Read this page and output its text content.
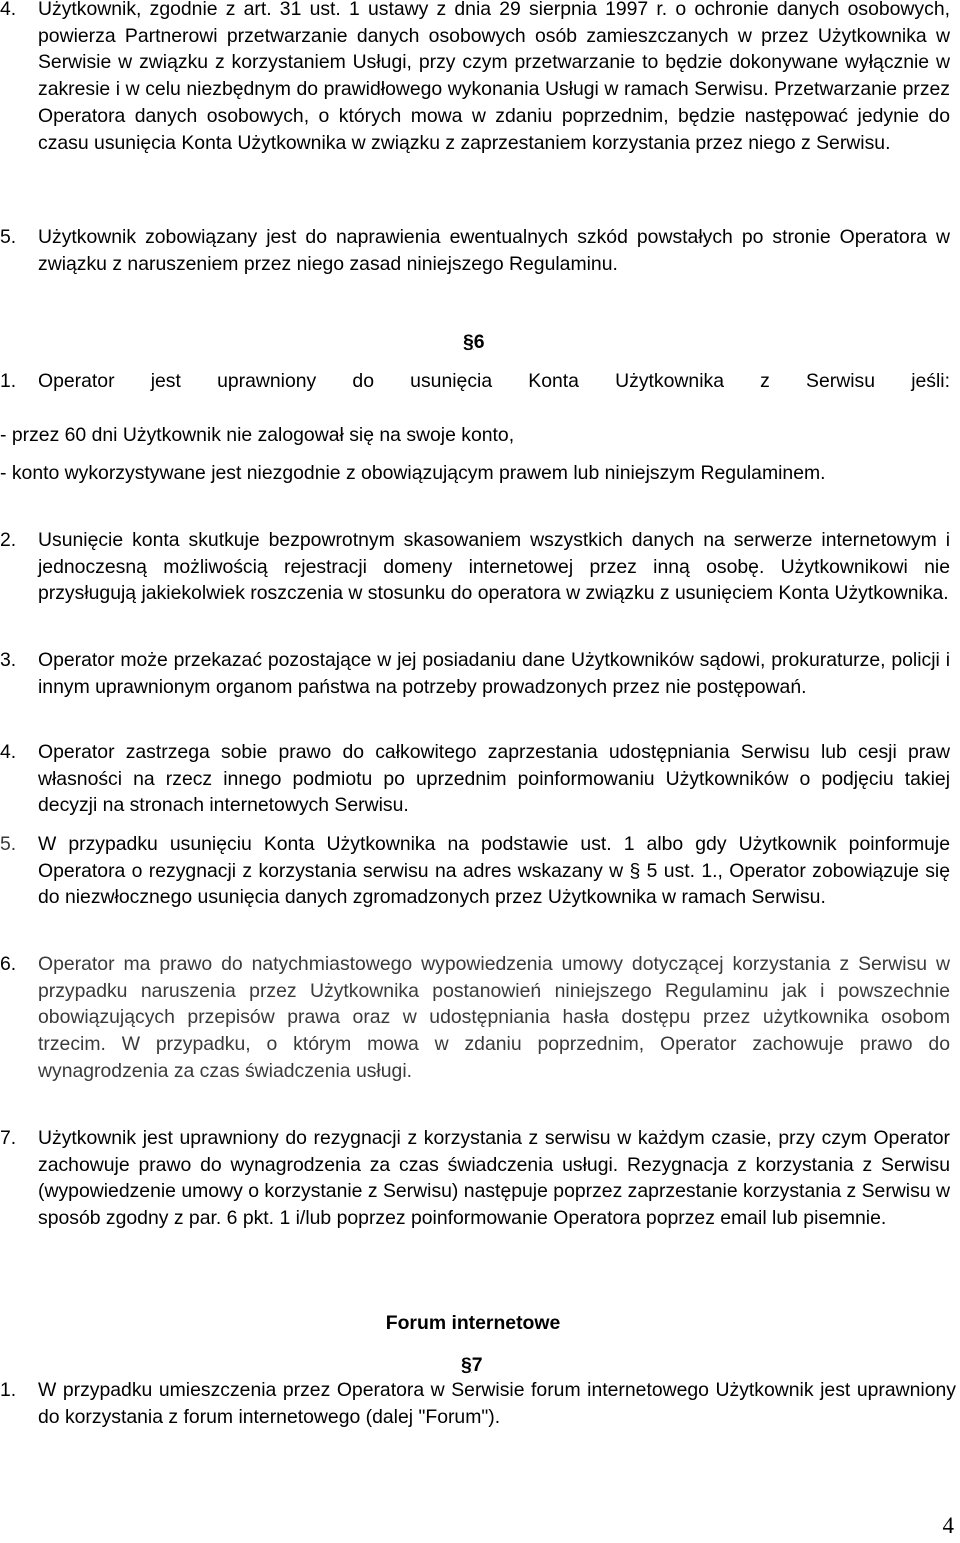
4. Użytkownik, zgodnie z art. 31 ust. 1 ustawy z dnia 29 sierpnia 1997 r. o ochronie danych osobowych, powierza Partnerowi przetwarzanie danych osobowych osób zamieszczanych w przez Użytkownika w Serwisie w związku z korzystaniem Usługi, przy czym przetwarzanie to będzie dokonywane wyłącznie w zakresie i w celu niezbędnym do prawidłowego wykonania Usługi w ramach Serwisu. Przetwarzanie przez Operatora danych osobowych, o których mowa w zdaniu poprzednim, będzie następować jedynie do czasu usunięcia Konta Użytkownika w związku z zaprzestaniem korzystania przez niego z Serwisu.
5. Użytkownik zobowiązany jest do naprawienia ewentualnych szkód powstałych po stronie Operatora w związku z naruszeniem przez niego zasad niniejszego Regulaminu.
§6
1. Operator jest uprawniony do usunięcia Konta Użytkownika z Serwisu jeśli:
- przez 60 dni Użytkownik nie zalogował się na swoje konto,
- konto wykorzystywane jest niezgodnie z obowiązującym prawem lub niniejszym Regulaminem.
2. Usunięcie konta skutkuje bezpowrotnym skasowaniem wszystkich danych na serwerze internetowym i jednoczesną możliwością rejestracji domeny internetowej przez inną osobę. Użytkownikowi nie przysługują jakiekolwiek roszczenia w stosunku do operatora w związku z usunięciem Konta Użytkownika.
3. Operator może przekazać pozostające w jej posiadaniu dane Użytkowników sądowi, prokuraturze, policji i innym uprawnionym organom państwa na potrzeby prowadzonych przez nie postępowań.
4. Operator zastrzega sobie prawo do całkowitego zaprzestania udostępniania Serwisu lub cesji praw własności na rzecz innego podmiotu po uprzednim poinformowaniu Użytkowników o podjęciu takiej decyzji na stronach internetowych Serwisu.
5. W przypadku usunięciu Konta Użytkownika na podstawie ust. 1 albo gdy Użytkownik poinformuje Operatora o rezygnacji z korzystania serwisu na adres wskazany w § 5 ust. 1., Operator zobowiązuje się do niezwłocznego usunięcia danych zgromadzonych przez Użytkownika w ramach Serwisu.
6. Operator ma prawo do natychmiastowego wypowiedzenia umowy dotyczącej korzystania z Serwisu w przypadku naruszenia przez Użytkownika postanowień niniejszego Regulaminu jak i powszechnie obowiązujących przepisów prawa oraz w udostępniania hasła dostępu przez użytkownika osobom trzecim. W przypadku, o którym mowa w zdaniu poprzednim, Operator zachowuje prawo do wynagrodzenia za czas świadczenia usługi.
7. Użytkownik jest uprawniony do rezygnacji z korzystania z serwisu w każdym czasie, przy czym Operator zachowuje prawo do wynagrodzenia za czas świadczenia usługi. Rezygnacja z korzystania z Serwisu (wypowiedzenie umowy o korzystanie z Serwisu) następuje poprzez zaprzestanie korzystania z Serwisu w sposób zgodny z par. 6 pkt. 1 i/lub poprzez poinformowanie Operatora poprzez email lub pisemnie.
Forum internetowe
§7
1. W przypadku umieszczenia przez Operatora w Serwisie forum internetowego Użytkownik jest uprawniony do korzystania z forum internetowego (dalej "Forum").
4
